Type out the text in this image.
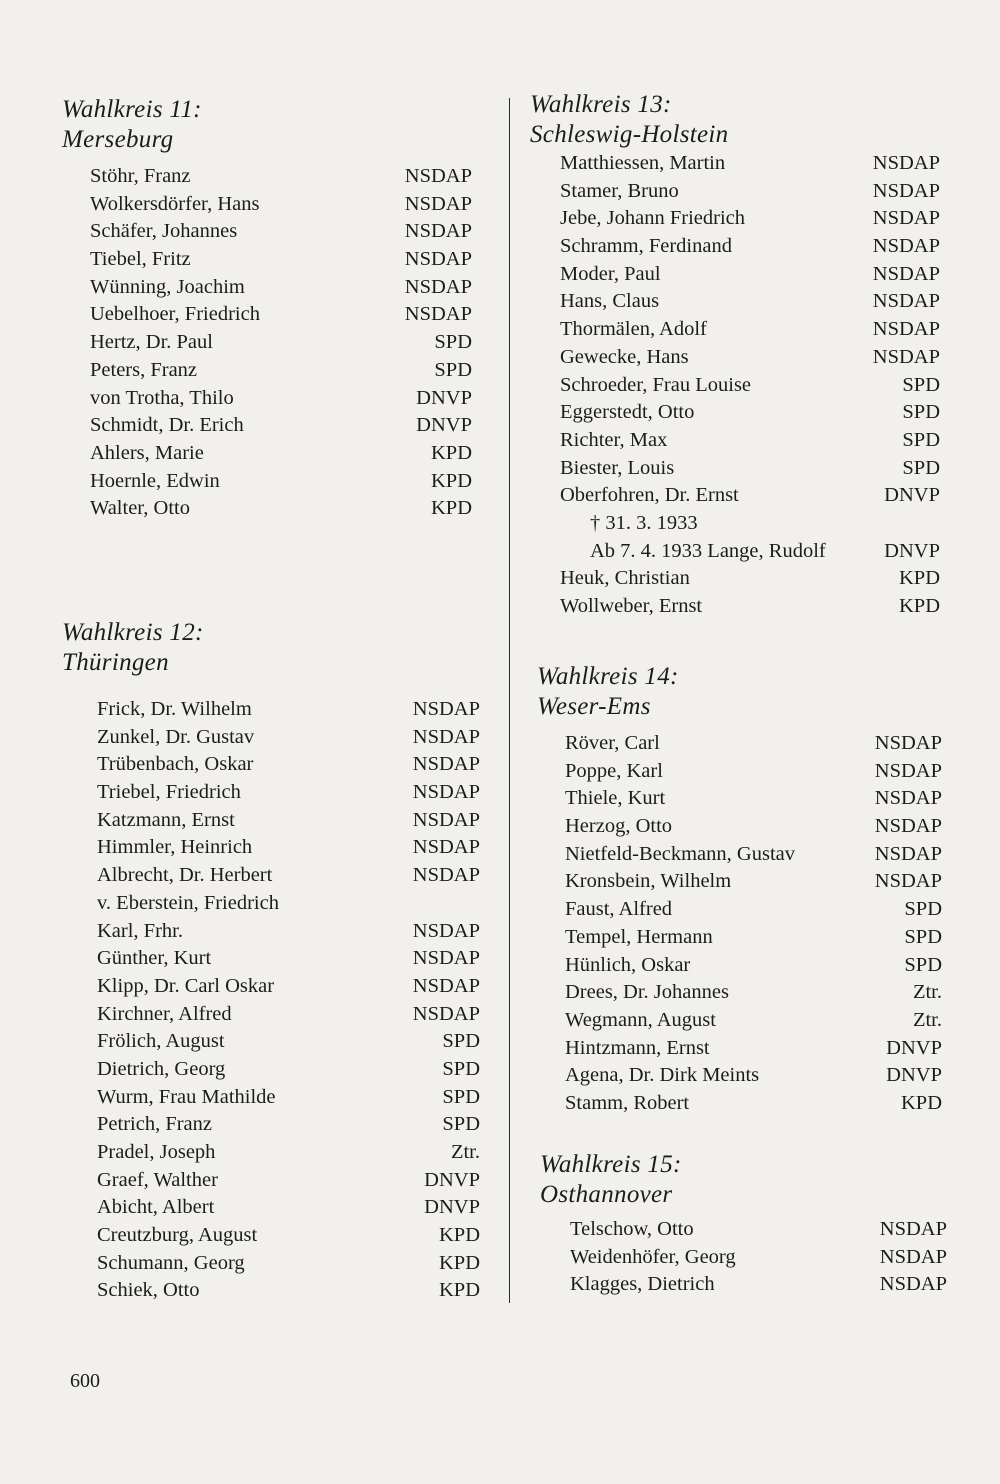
Wahlkreis 11:
Merseburg
Stöhr, Franz	NSDAP
Wolkersdörfer, Hans	NSDAP
Schäfer, Johannes	NSDAP
Tiebel, Fritz	NSDAP
Wünning, Joachim	NSDAP
Uebelhoer, Friedrich	NSDAP
Hertz, Dr. Paul	SPD
Peters, Franz	SPD
von Trotha, Thilo	DNVP
Schmidt, Dr. Erich	DNVP
Ahlers, Marie	KPD
Hoernle, Edwin	KPD
Walter, Otto	KPD
Wahlkreis 12:
Thüringen
Frick, Dr. Wilhelm	NSDAP
Zunkel, Dr. Gustav	NSDAP
Trübenbach, Oskar	NSDAP
Triebel, Friedrich	NSDAP
Katzmann, Ernst	NSDAP
Himmler, Heinrich	NSDAP
Albrecht, Dr. Herbert	NSDAP
v. Eberstein, Friedrich
Karl, Frhr.	NSDAP
Günther, Kurt	NSDAP
Klipp, Dr. Carl Oskar	NSDAP
Kirchner, Alfred	NSDAP
Frölich, August	SPD
Dietrich, Georg	SPD
Wurm, Frau Mathilde	SPD
Petrich, Franz	SPD
Pradel, Joseph	Ztr.
Graef, Walther	DNVP
Abicht, Albert	DNVP
Creutzburg, August	KPD
Schumann, Georg	KPD
Schiek, Otto	KPD
Wahlkreis 13:
Schleswig-Holstein
Matthiessen, Martin	NSDAP
Stamer, Bruno	NSDAP
Jebe, Johann Friedrich	NSDAP
Schramm, Ferdinand	NSDAP
Moder, Paul	NSDAP
Hans, Claus	NSDAP
Thormälen, Adolf	NSDAP
Gewecke, Hans	NSDAP
Schroeder, Frau Louise	SPD
Eggerstedt, Otto	SPD
Richter, Max	SPD
Biester, Louis	SPD
Oberfohren, Dr. Ernst	DNVP
† 31. 3. 1933
Ab 7. 4. 1933 Lange, Rudolf	DNVP
Heuk, Christian	KPD
Wollweber, Ernst	KPD
Wahlkreis 14:
Weser-Ems
Röver, Carl	NSDAP
Poppe, Karl	NSDAP
Thiele, Kurt	NSDAP
Herzog, Otto	NSDAP
Nietfeld-Beckmann, Gustav	NSDAP
Kronsbein, Wilhelm	NSDAP
Faust, Alfred	SPD
Tempel, Hermann	SPD
Hünlich, Oskar	SPD
Drees, Dr. Johannes	Ztr.
Wegmann, August	Ztr.
Hintzmann, Ernst	DNVP
Agena, Dr. Dirk Meints	DNVP
Stamm, Robert	KPD
Wahlkreis 15:
Osthannover
Telschow, Otto	NSDAP
Weidenhöfer, Georg	NSDAP
Klagges, Dietrich	NSDAP
600
